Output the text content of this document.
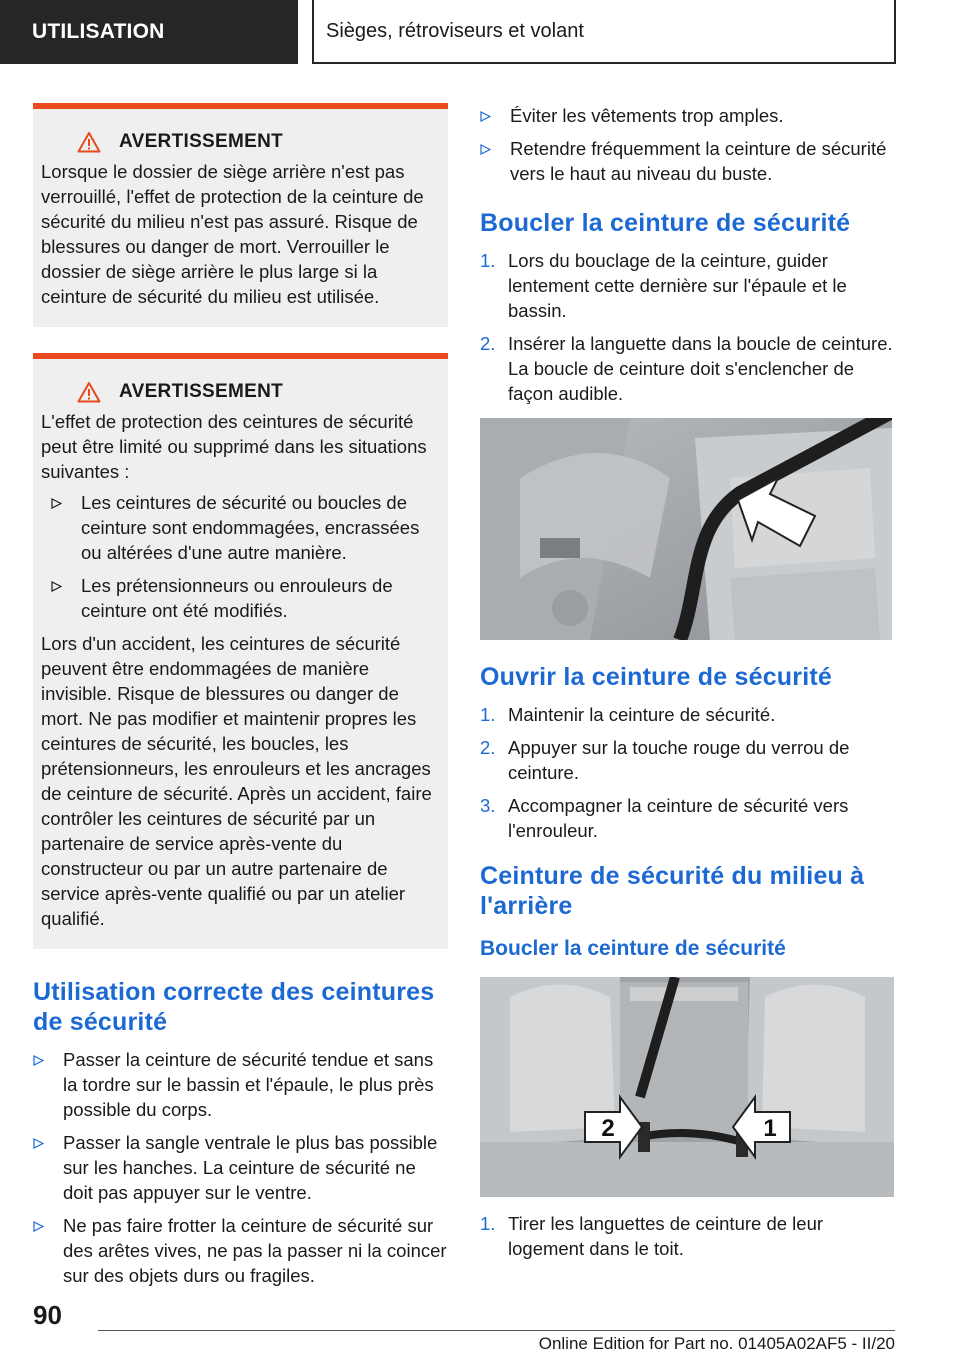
UTILISATION	Sièges, rétroviseurs et volant
AVERTISSEMENT

Lorsque le dossier de siège arrière n'est pas verrouillé, l'effet de protection de la ceinture de sécurité du milieu n'est pas assuré. Risque de blessures ou danger de mort. Verrouiller le dossier de siège arrière le plus large si la ceinture de sécurité du milieu est utilisée.

AVERTISSEMENT

L'effet de protection des ceintures de sécurité peut être limité ou supprimé dans les situations suivantes :

Les ceintures de sécurité ou boucles de ceinture sont endommagées, encrassées ou altérées d'une autre manière.
Les prétensionneurs ou enrouleurs de ceinture ont été modifiés.

Lors d'un accident, les ceintures de sécurité peuvent être endommagées de manière invisible. Risque de blessures ou danger de mort. Ne pas modifier et maintenir propres les ceintures de sécurité, les boucles, les prétensionneurs, les enrouleurs et les ancrages de ceinture de sécurité. Après un accident, faire contrôler les ceintures de sécurité par un partenaire de service après-vente du constructeur ou par un autre partenaire de service après-vente qualifié ou par un atelier qualifié.

Utilisation correcte des ceintures de sécurité
Passer la ceinture de sécurité tendue et sans la tordre sur le bassin et l'épaule, le plus près possible du corps.
Passer la sangle ventrale le plus bas possible sur les hanches. La ceinture de sécurité ne doit pas appuyer sur le ventre.
Ne pas faire frotter la ceinture de sécurité sur des arêtes vives, ne pas la passer ni la coincer sur des objets durs ou fragiles.
Éviter les vêtements trop amples.
Retendre fréquemment la ceinture de sécurité vers le haut au niveau du buste.
Boucler la ceinture de sécurité
1. Lors du bouclage de la ceinture, guider lentement cette dernière sur l'épaule et le bassin.
2. Insérer la languette dans la boucle de ceinture. La boucle de ceinture doit s'enclencher de façon audible.
Ouvrir la ceinture de sécurité
1. Maintenir la ceinture de sécurité.
2. Appuyer sur la touche rouge du verrou de ceinture.
3. Accompagner la ceinture de sécurité vers l'enrouleur.
Ceinture de sécurité du milieu à l'arrière
Boucler la ceinture de sécurité
2	1
1. Tirer les languettes de ceinture de leur logement dans le toit.
90
Online Edition for Part no. 01405A02AF5 - II/20
